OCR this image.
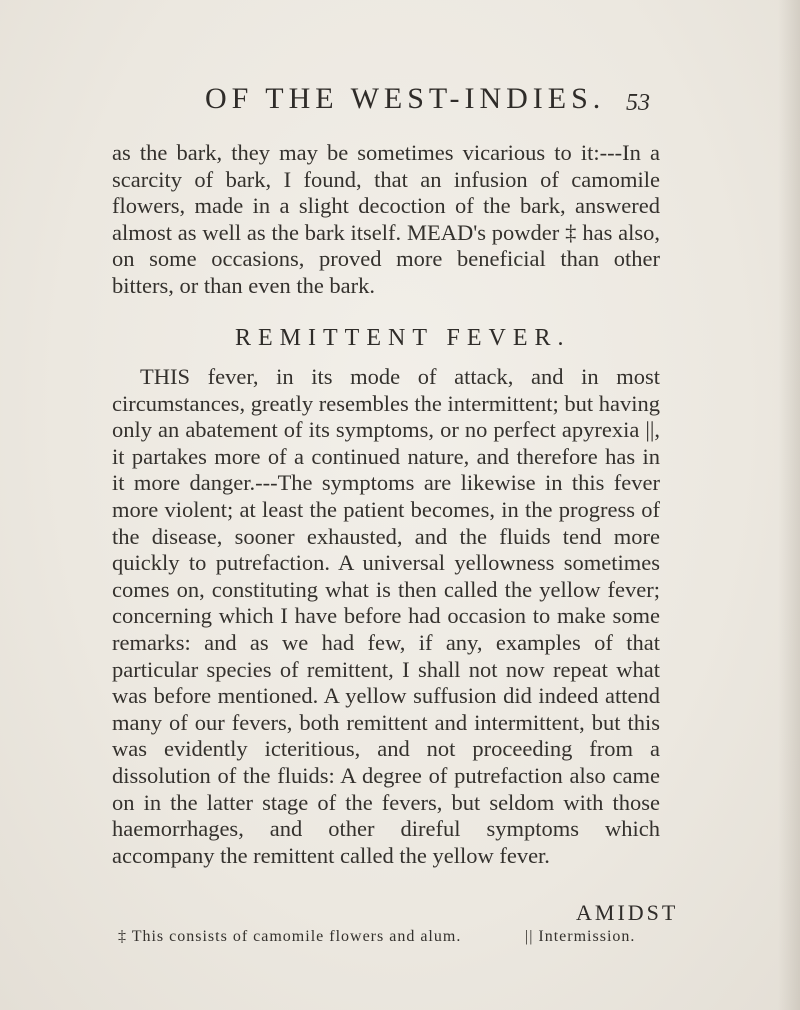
OF THE WEST-INDIES. 53
as the bark, they may be sometimes vicarious to it:---In a scarcity of bark, I found, that an infusion of camomile flowers, made in a slight decoction of the bark, answered almost as well as the bark itself. MEAD's powder ‡ has also, on some occasions, proved more beneficial than other bitters, or than even the bark.
REMITTENT FEVER.
THIS fever, in its mode of attack, and in most circumstances, greatly resembles the intermittent; but having only an abatement of its symptoms, or no perfect apyrexia ||, it partakes more of a continued nature, and therefore has in it more danger.---The symptoms are likewise in this fever more violent; at least the patient becomes, in the progress of the disease, sooner exhausted, and the fluids tend more quickly to putrefaction. A universal yellowness sometimes comes on, constituting what is then called the yellow fever; concerning which I have before had occasion to make some remarks: and as we had few, if any, examples of that particular species of remittent, I shall not now repeat what was before mentioned. A yellow suffusion did indeed attend many of our fevers, both remittent and intermittent, but this was evidently icteritious, and not proceeding from a dissolution of the fluids: A degree of putrefaction also came on in the latter stage of the fevers, but seldom with those haemorrhages, and other direful symptoms which accompany the remittent called the yellow fever.
AMIDST
‡ This consists of camomile flowers and alum.	|| Intermission.
